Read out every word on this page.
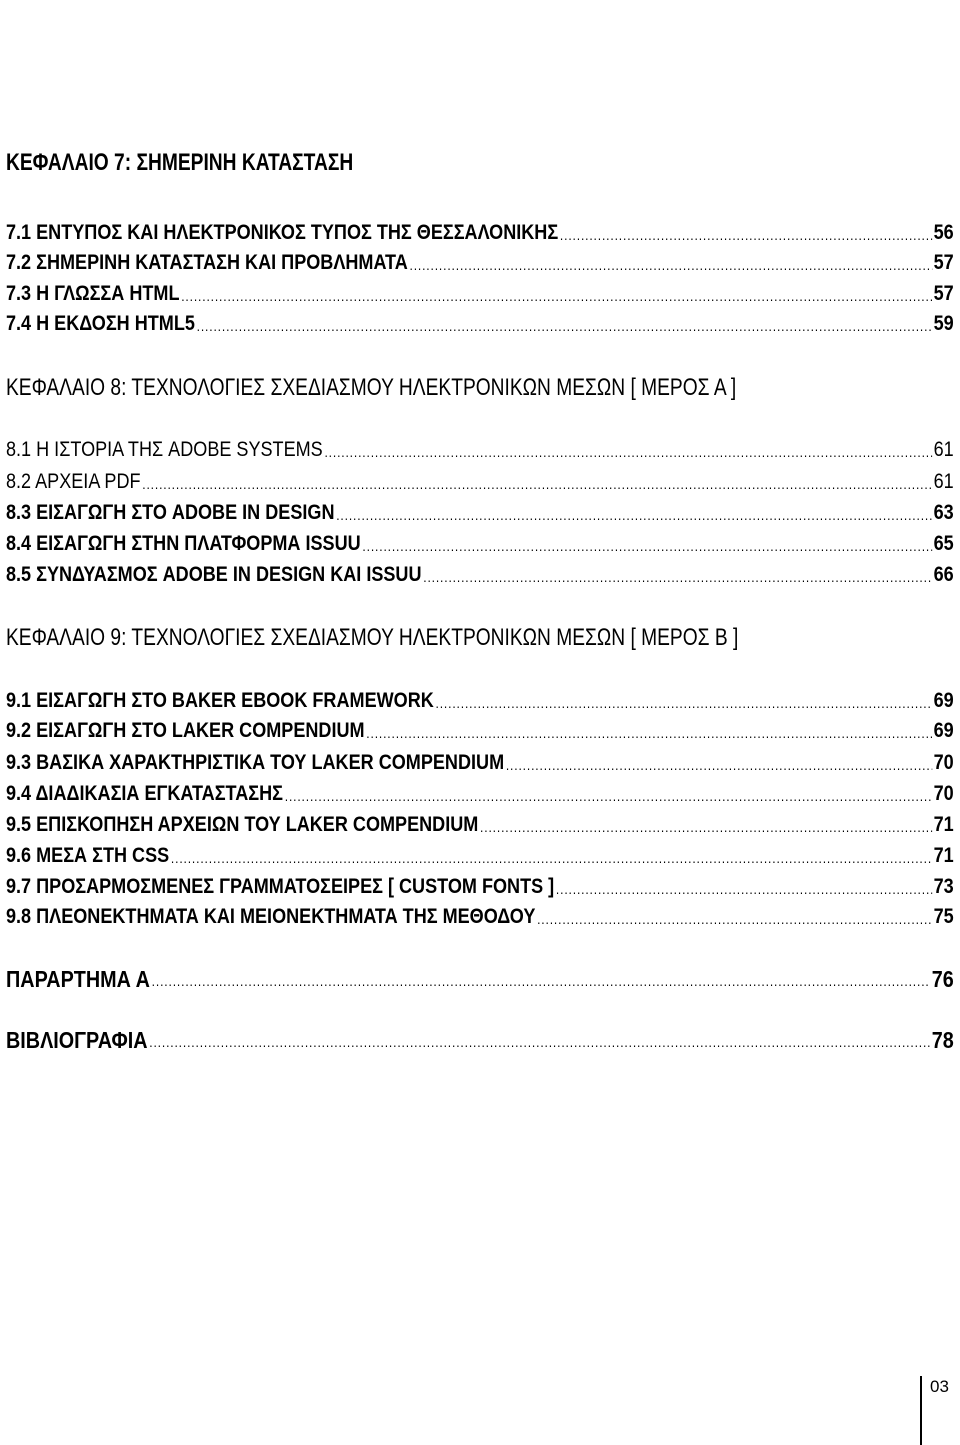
ΚΕΦΑΛΑΙΟ 7: ΣΗΜΕΡΙΝΗ ΚΑΤΑΣΤΑΣΗ
7.1 ΕΝΤΥΠΟΣ ΚΑΙ ΗΛΕΚΤΡΟΝΙΚΟΣ ΤΥΠΟΣ ΤΗΣ ΘΕΣΣΑΛΟΝΙΚΗΣ .....	56
7.2 ΣΗΜΕΡΙΝΗ ΚΑΤΑΣΤΑΣΗ ΚΑΙ ΠΡΟΒΛΗΜΑΤΑ .....	57
7.3 Η ΓΛΩΣΣΑ HTML .....	57
7.4 Η ΕΚΔΟΣΗ HTML5 .....	59
ΚΕΦΑΛΑΙΟ 8: ΤΕΧΝΟΛΟΓΙΕΣ ΣΧΕΔΙΑΣΜΟΥ ΗΛΕΚΤΡΟΝΙΚΩΝ ΜΕΣΩΝ [ ΜΕΡΟΣ Α ]
8.1 Η ΙΣΤΟΡΙΑ ΤΗΣ ADOBE SYSTEMS .....	61
8.2 ΑΡΧΕΙΑ PDF .....	61
8.3 ΕΙΣΑΓΩΓΗ ΣΤΟ ADOBE IN DESIGN .....	63
8.4 ΕΙΣΑΓΩΓΗ ΣΤΗΝ ΠΛΑΤΦΟΡΜΑ ISSUU .....	65
8.5 ΣΥΝΔΥΑΣΜΟΣ ADOBE IN DESIGN ΚΑΙ ISSUU .....	66
ΚΕΦΑΛΑΙΟ 9: ΤΕΧΝΟΛΟΓΙΕΣ ΣΧΕΔΙΑΣΜΟΥ ΗΛΕΚΤΡΟΝΙΚΩΝ ΜΕΣΩΝ [ ΜΕΡΟΣ Β ]
9.1 ΕΙΣΑΓΩΓΗ ΣΤΟ BAKER EBOOK FRAMEWORK .....	69
9.2 ΕΙΣΑΓΩΓΗ ΣΤΟ LAKER COMPENDIUM .....	69
9.3 ΒΑΣΙΚΑ ΧΑΡΑΚΤΗΡΙΣΤΙΚΑ ΤΟΥ LAKER COMPENDIUM .....	70
9.4 ΔΙΑΔΙΚΑΣΙΑ ΕΓΚΑΤΑΣΤΑΣΗΣ .....	70
9.5 ΕΠΙΣΚΟΠΗΣΗ ΑΡΧΕΙΩΝ ΤΟΥ LAKER COMPENDIUM .....	71
9.6 ΜΕΣΑ ΣΤΗ CSS .....	71
9.7 ΠΡΟΣΑΡΜΟΣΜΕΝΕΣ ΓΡΑΜΜΑΤΟΣΕΙΡΕΣ [ CUSTOM FONTS ] .....	73
9.8 ΠΛΕΟΝΕΚΤΗΜΑΤΑ ΚΑΙ ΜΕΙΟΝΕΚΤΗΜΑΤΑ ΤΗΣ ΜΕΘΟΔΟΥ .....	75
ΠΑΡΑΡΤΗΜΑ Α .....	76
ΒΙΒΛΙΟΓΡΑΦΙΑ .....	78
03
